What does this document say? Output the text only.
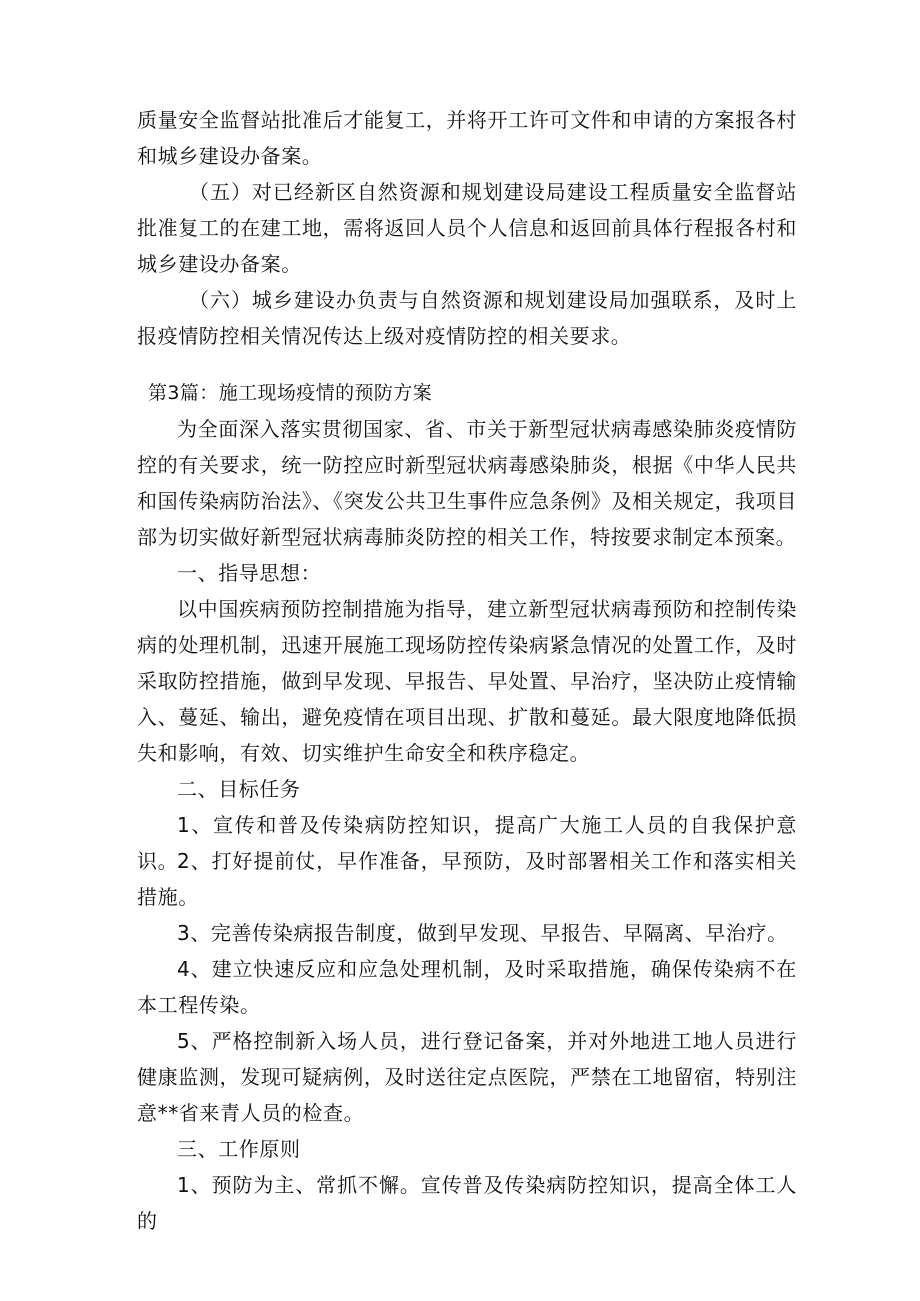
质量安全监督站批准后才能复工，并将开工许可文件和申请的方案报各村和城乡建设办备案。

（五）对已经新区自然资源和规划建设局建设工程质量安全监督站批准复工的在建工地，需将返回人员个人信息和返回前具体行程报各村和城乡建设办备案。

（六）城乡建设办负责与自然资源和规划建设局加强联系，及时上报疫情防控相关情况传达上级对疫情防控的相关要求。

第3篇：施工现场疫情的预防方案

为全面深入落实贯彻国家、省、市关于新型冠状病毒感染肺炎疫情防控的有关要求，统一防控应时新型冠状病毒感染肺炎，根据《中华人民共和国传染病防治法》、《突发公共卫生事件应急条例》及相关规定，我项目部为切实做好新型冠状病毒肺炎防控的相关工作，特按要求制定本预案。

一、指导思想：

以中国疾病预防控制措施为指导，建立新型冠状病毒预防和控制传染病的处理机制，迅速开展施工现场防控传染病紧急情况的处置工作，及时采取防控措施，做到早发现、早报告、早处置、早治疗，坚决防止疫情输入、蔓延、输出，避免疫情在项目出现、扩散和蔓延。最大限度地降低损失和影响，有效、切实维护生命安全和秩序稳定。

二、目标任务

1、宣传和普及传染病防控知识，提高广大施工人员的自我保护意识。

2、打好提前仗，早作准备，早预防，及时部署相关工作和落实相关措施。

3、完善传染病报告制度，做到早发现、早报告、早隔离、早治疗。

4、建立快速反应和应急处理机制，及时采取措施，确保传染病不在本工程传染。

5、严格控制新入场人员，进行登记备案，并对外地进工地人员进行健康监测，发现可疑病例，及时送往定点医院，严禁在工地留宿，特别注意**省来青人员的检查。

三、工作原则

1、预防为主、常抓不懈。宣传普及传染病防控知识，提高全体工人的
